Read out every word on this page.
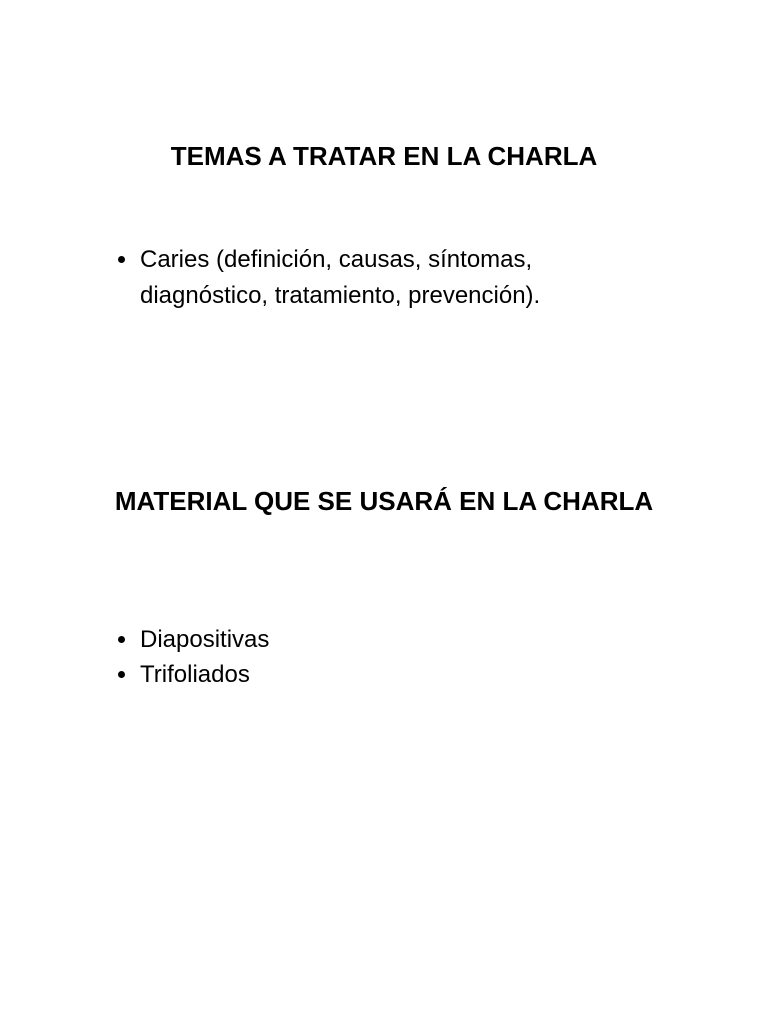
TEMAS A TRATAR EN LA CHARLA
Caries (definición, causas, síntomas, diagnóstico, tratamiento, prevención).
MATERIAL QUE SE USARÁ EN LA CHARLA
Diapositivas
Trifoliados
